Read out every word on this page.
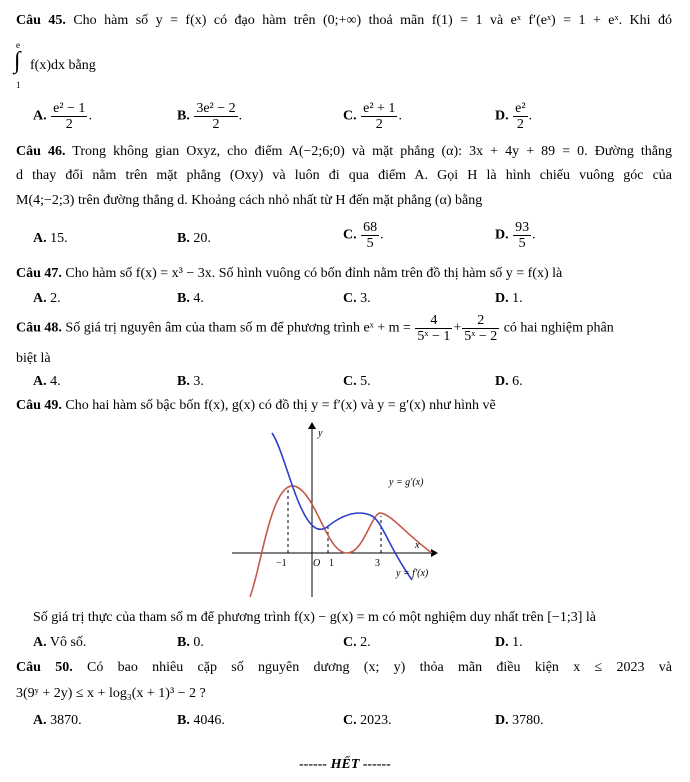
Câu 45. Cho hàm số y = f(x) có đạo hàm trên (0;+∞) thoả mãn f(1) = 1 và eˣ f′(eˣ) = 1 + eˣ. Khi đó
e
∫
1
f(x)dx bằng
A. $\frac{\text{e² − 1}}{2}$ .	B. $\frac{\text{3e² − 2}}{2}$ .	C. $\frac{\text{e² + 1}}{2}$ .	D. $\frac{\text{e²}}{2}$ .
Câu 46. Trong không gian Oxyz, cho điểm A(−2;6;0) và mặt phẳng (α): 3x + 4y + 89 = 0. Đường thẳng
d thay đổi nằm trên mặt phẳng (Oxy) và luôn đi qua điểm A. Gọi H là hình chiếu vuông góc của
M(4;−2;3) trên đường thẳng d. Khoảng cách nhỏ nhất từ H đến mặt phẳng (α) bằng
A. 15.	B. 20.	C. $\frac{68}{5}$ .	D. $\frac{93}{5}$ .
Câu 47. Cho hàm số f(x) = x³ − 3x. Số hình vuông có bốn đỉnh nằm trên đồ thị hàm số y = f(x) là
A. 2.	B. 4.	C. 3.	D. 1.
Câu 48. Số giá trị nguyên âm của tham số m để phương trình eˣ + $m = \frac{4}{\text{5ˣ − 1}} + \frac{2}{\text{5ˣ − 2}}$ có hai nghiệm phân
biệt là
A. 4.	B. 3.	C. 5.	D. 6.
Câu 49. Cho hai hàm số bậc bốn f(x), g(x) có đồ thị y = f′(x) và y = g′(x) như hình vẽ
y
x
y = g′(x)
y = f′(x)
−1	O 1	3
Số giá trị thực của tham số m để phương trình f(x) − g(x) = m có một nghiệm duy nhất trên [−1;3] là
A. Vô số.	B. 0.	C. 2.	D. 1.
Câu 50. Có bao nhiêu cặp số nguyên dương (x; y) thỏa mãn điều kiện x ≤ 2023 và
3(9ʸ + 2y) ≤ x + log₃(x + 1)³ − 2 ?
A. 3870.	B. 4046.	C. 2023.	D. 3780.
------ HẾT ------
